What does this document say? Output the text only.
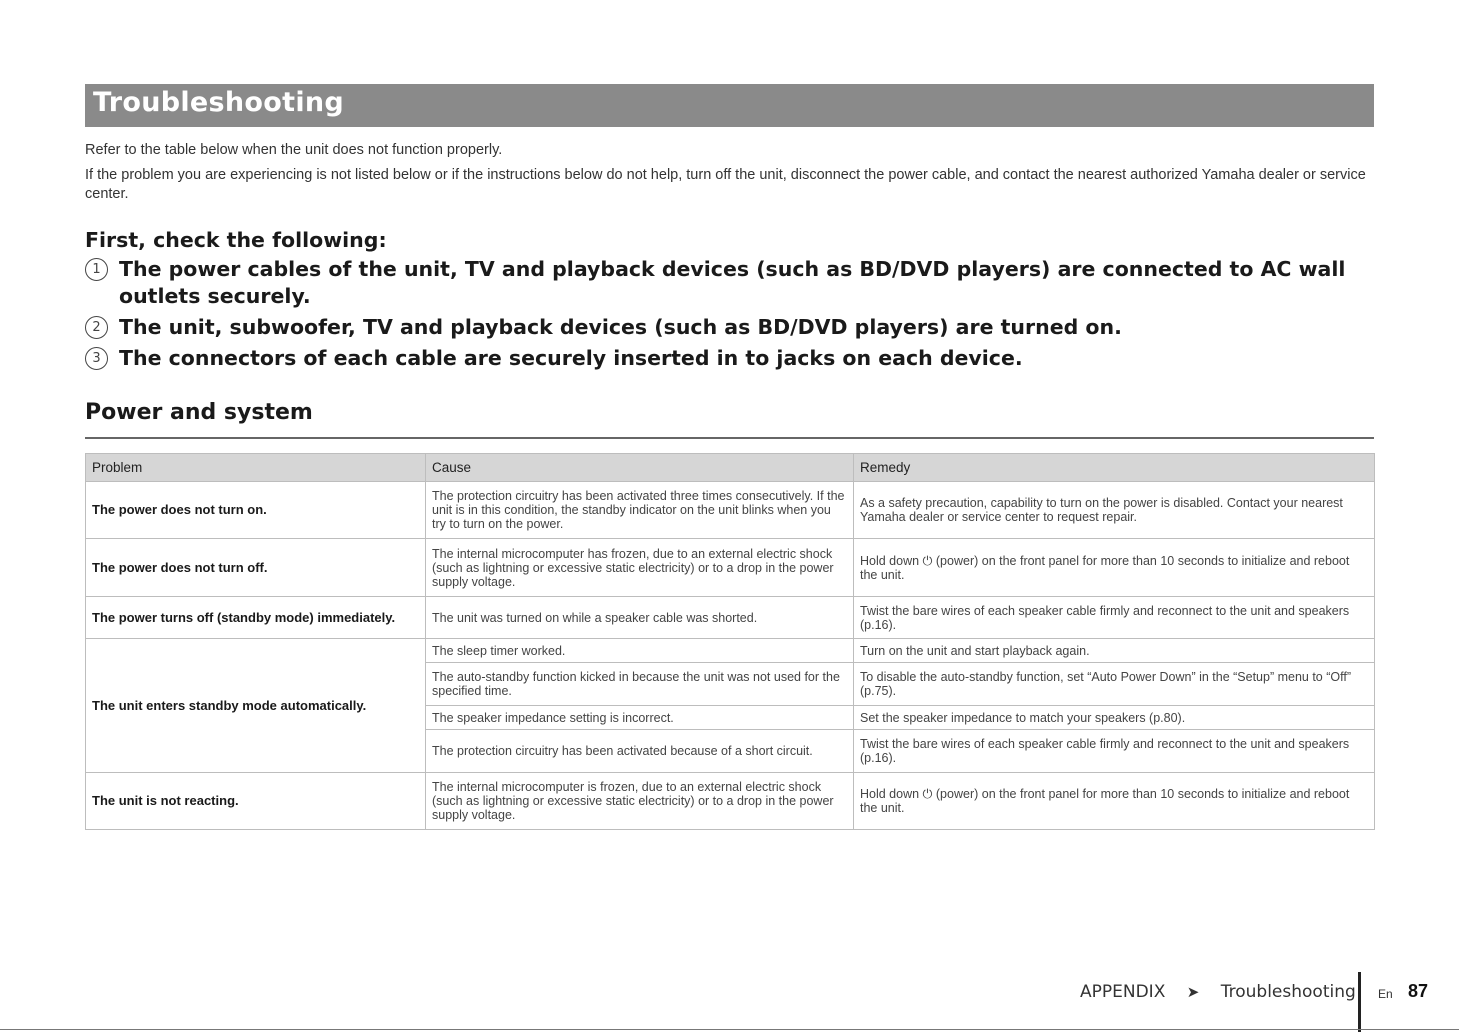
Troubleshooting

Refer to the table below when the unit does not function properly.

If the problem you are experiencing is not listed below or if the instructions below do not help, turn off the unit, disconnect the power cable, and contact the nearest authorized Yamaha dealer or service center.

First, check the following:
1 The power cables of the unit, TV and playback devices (such as BD/DVD players) are connected to AC wall outlets securely.
2 The unit, subwoofer, TV and playback devices (such as BD/DVD players) are turned on.
3 The connectors of each cable are securely inserted in to jacks on each device.
Power and system
Problem	Cause	Remedy
The power does not turn on.	The protection circuitry has been activated three times consecutively. If the unit is in this condition, the standby indicator on the unit blinks when you try to turn on the power.	As a safety precaution, capability to turn on the power is disabled. Contact your nearest Yamaha dealer or service center to request repair.
The power does not turn off.	The internal microcomputer has frozen, due to an external electric shock (such as lightning or excessive static electricity) or to a drop in the power supply voltage.	Hold down ⏻ (power) on the front panel for more than 10 seconds to initialize and reboot the unit.
The power turns off (standby mode) immediately.	The unit was turned on while a speaker cable was shorted.	Twist the bare wires of each speaker cable firmly and reconnect to the unit and speakers (p.16).
The unit enters standby mode automatically.	The sleep timer worked.	Turn on the unit and start playback again.
	The auto-standby function kicked in because the unit was not used for the specified time.	To disable the auto-standby function, set “Auto Power Down” in the “Setup” menu to “Off” (p.75).
	The speaker impedance setting is incorrect.	Set the speaker impedance to match your speakers (p.80).
	The protection circuitry has been activated because of a short circuit.	Twist the bare wires of each speaker cable firmly and reconnect to the unit and speakers (p.16).
The unit is not reacting.	The internal microcomputer is frozen, due to an external electric shock (such as lightning or excessive static electricity) or to a drop in the power supply voltage.	Hold down ⏻ (power) on the front panel for more than 10 seconds to initialize and reboot the unit.
APPENDIX ➤ Troubleshooting En 87
